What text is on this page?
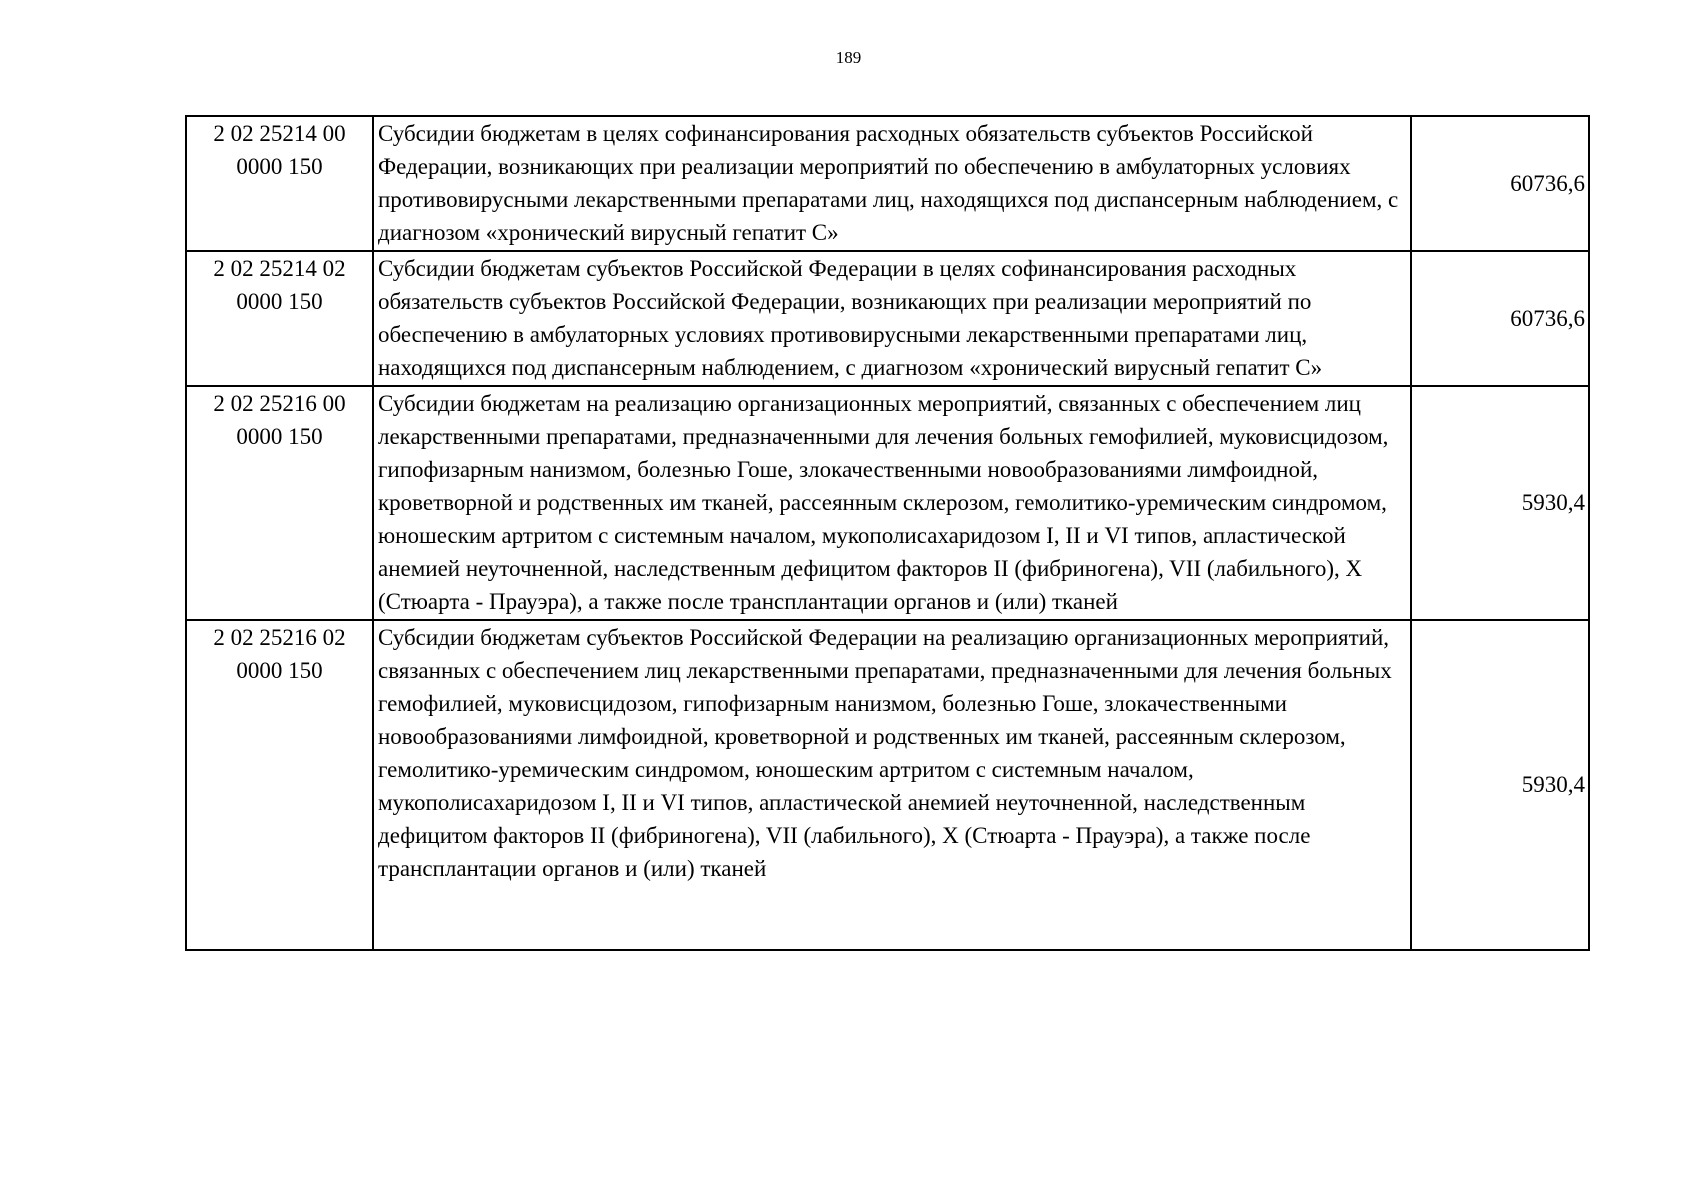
189
2 02 25214 00
0000 150	Субсидии бюджетам в целях софинансирования расходных обязательств субъектов Российской Федерации, возникающих при реализации мероприятий по обеспечению в амбулаторных условиях противовирусными лекарственными препаратами лиц, находящихся под диспансерным наблюдением, с диагнозом «хронический вирусный гепатит С»	60736,6
2 02 25214 02
0000 150	Субсидии бюджетам субъектов Российской Федерации в целях софинансирования расходных обязательств субъектов Российской Федерации, возникающих при реализации мероприятий по обеспечению в амбулаторных условиях противовирусными лекарственными препаратами лиц, находящихся под диспансерным наблюдением, с диагнозом «хронический вирусный гепатит С»	60736,6
2 02 25216 00
0000 150	Субсидии бюджетам на реализацию организационных мероприятий, связанных с обеспечением лиц лекарственными препаратами, предназначенными для лечения больных гемофилией, муковисцидозом, гипофизарным нанизмом, болезнью Гоше, злокачественными новообразованиями лимфоидной, кроветворной и родственных им тканей, рассеянным склерозом, гемолитико-уремическим синдромом, юношеским артритом с системным началом, мукополисахаридозом I, II и VI типов, апластической анемией неуточненной, наследственным дефицитом факторов II (фибриногена), VII (лабильного), X (Стюарта - Прауэра), а также после трансплантации органов и (или) тканей	5930,4
2 02 25216 02
0000 150	Субсидии бюджетам субъектов Российской Федерации на реализацию организационных мероприятий, связанных с обеспечением лиц лекарственными препаратами, предназначенными для лечения больных гемофилией, муковисцидозом, гипофизарным нанизмом, болезнью Гоше, злокачественными новообразованиями лимфоидной, кроветворной и родственных им тканей, рассеянным склерозом, гемолитико-уремическим синдромом, юношеским артритом с системным началом, мукополисахаридозом I, II и VI типов, апластической анемией неуточненной, наследственным дефицитом факторов II (фибриногена), VII (лабильного), X (Стюарта - Прауэра), а также после трансплантации органов и (или) тканей	5930,4
